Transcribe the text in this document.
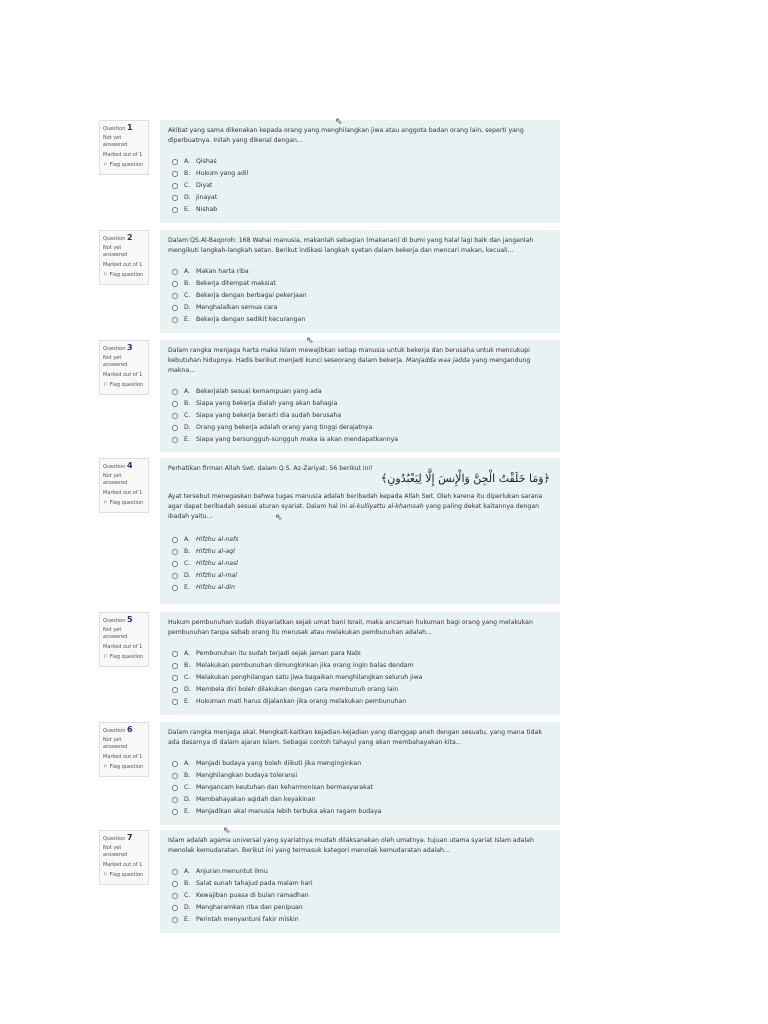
Question 1
Not yet answered
Marked out of 1
⚐ Flag question
Akibat yang sama dikenakan kepada orang yang menghilangkan jiwa atau anggota badan orang lain, seperti yang diperbuatnya. Inilah yang dikenal dengan...
A. Qishas
B. Hukum yang adil
C. Diyat
D. Jinayat
E. Nishab
⇖
Question 2
Not yet answered
Marked out of 1
⚐ Flag question
Dalam QS.Al-Baqoroh: 168 Wahai manusia, makanlah sebagian (makanan) di bumi yang halal lagi baik dan janganlah mengikuti langkah-langkah setan. Berikut indikasi langkah syetan dalam bekerja dan mencari makan, kecuali...
A. Makan harta riba
B. Bekerja ditempat maksiat
C. Bekerja dengan berbagai pekerjaan
D. Menghalalkan semua cara
E. Bekerja dengan sedikit kecurangan
Question 3
Not yet answered
Marked out of 1
⚐ Flag question
Dalam rangka menjaga harta maka Islam mewajibkan setiap manusia untuk bekerja dan berusaha untuk mencukupi kebutuhan hidupnya. Hadis berikut menjadi kunci seseorang dalam bekerja. Manjadda waa jadda yang mengandung makna...
A. Bekerjalah sesuai kemampuan yang ada
B. Siapa yang bekerja dialah yang akan bahagia
C. Siapa yang bekerja berarti dia sudah berusaha
D. Orang yang bekerja adalah orang yang tinggi derajatnya
E. Siapa yang bersungguh-sungguh maka ia akan mendapatkannya
⇖
Question 4
Not yet answered
Marked out of 1
⚐ Flag question
Perhatikan firman Allah Swt. dalam Q.S. Az-Zariyat: 56 berikut ini!
﴿وَمَا خَلَقْتُ الْجِنَّ وَالْإِنسَ إِلَّا لِيَعْبُدُونِ﴾
Ayat tersebut menegaskan bahwa tugas manusia adalah beribadah kepada Allah Swt. Oleh karena itu diperlukan sarana agar dapat beribadah sesuai aturan syariat. Dalam hal ini al-kulliyattu al-khamsah yang paling dekat kaitannya dengan ibadah yaitu...
A. Hifzhu al-nafs
B. Hifzhu al-aql
C. Hifzhu al-nasl
D. Hifzhu al-mal
E. Hifzhu al-din
⇖
Question 5
Not yet answered
Marked out of 1
⚐ Flag question
Hukum pembunuhan sudah disyariatkan sejak umat bani Israil, maka ancaman hukuman bagi orang yang melakukan pembunuhan tanpa sebab orang itu merusak atau melakukan pembunuhan adalah...
A. Pembunuhan itu sudah terjadi sejak jaman para Nabi
B. Melakukan pembunuhan dimungkinkan jika orang ingin balas dendam
C. Melakukan penghilangan satu jiwa bagaikan menghilangkan seluruh jiwa
D. Membela diri boleh dilakukan dengan cara membunuh orang lain
E. Hukuman mati harus dijalankan jika orang melakukan pembunuhan
Question 6
Not yet answered
Marked out of 1
⚐ Flag question
Dalam rangka menjaga akal. Mengkait-kaitkan kejadian-kejadian yang dianggap aneh dengan sesuatu, yang mana tidak ada dasarnya di dalam ajaran Islam. Sebagai contoh tahayul yang akan membahayakan kita...
A. Menjadi budaya yang boleh diikuti jika menginginkan
B. Menghilangkan budaya toleransi
C. Mengancam keutuhan dan keharmonisan bermasyarakat
D. Membahayakan aqidah dan keyakinan
E. Menjadikan akal manusia lebih terbuka akan ragam budaya
Question 7
Not yet answered
Marked out of 1
⚐ Flag question
Islam adalah agama universal yang syariatnya mudah dilaksanakan oleh umatnya. tujuan utama syariat Islam adalah menolak kemudaratan. Berikut ini yang termasuk kategori menolak kemudaratan adalah...
A. Anjuran menuntut ilmu
B. Salat sunah tahajud pada malam hari
C. Kewajiban puasa di bulan ramadhan
D. Mengharamkan riba dan penipuan
E. Perintah menyantuni fakir miskin
⇖
